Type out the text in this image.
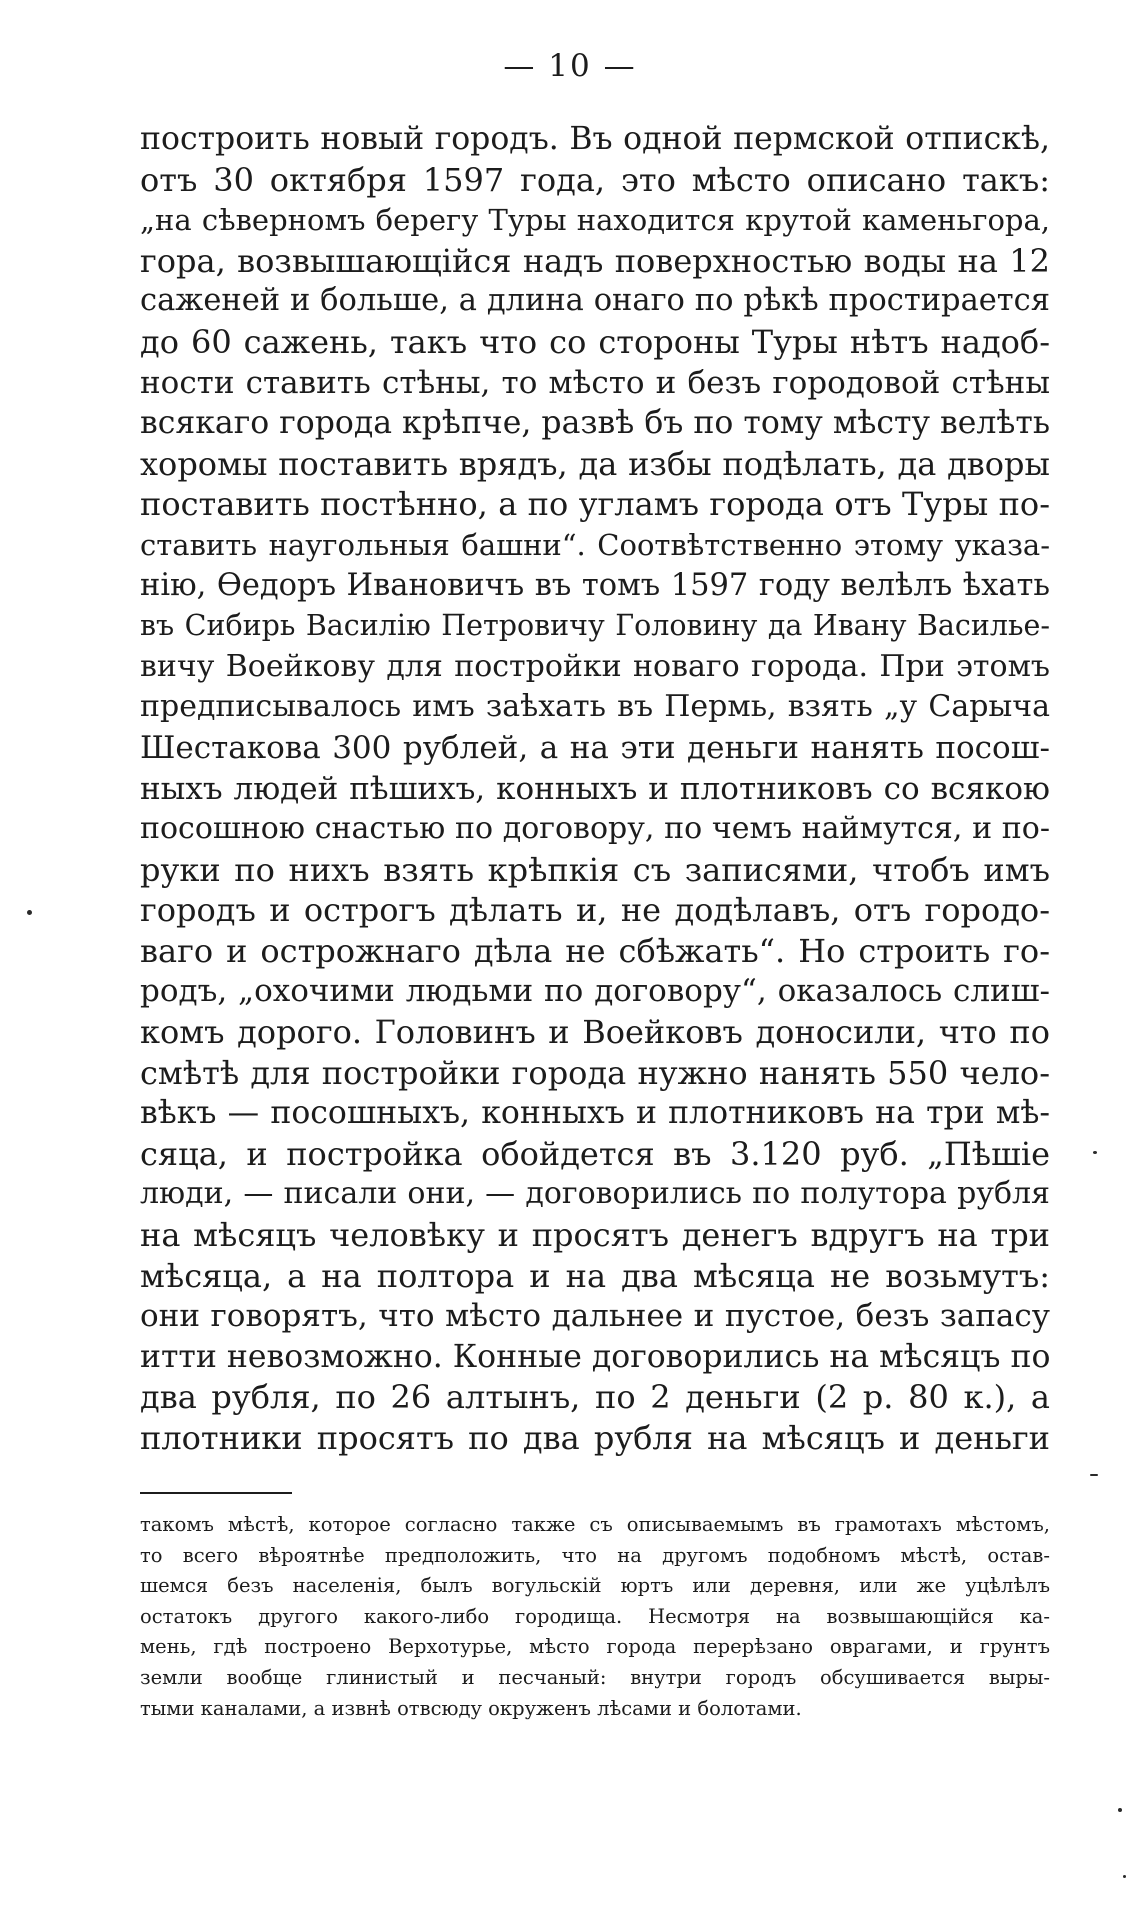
— 10 —
построить новый городъ. Въ одной пермской отпискѣ,
отъ 30 октября 1597 года, это мѣсто описано такъ:
„на сѣверномъ берегу Туры находится крутой каменьгора,
гора, возвышающійся надъ поверхностью воды на 12
саженей и больше, а длина онаго по рѣкѣ простирается
до 60 сажень, такъ что со стороны Туры нѣтъ надоб-
ности ставить стѣны, то мѣсто и безъ городовой стѣны
всякаго города крѣпче, развѣ бъ по тому мѣсту велѣть
хоромы поставить врядъ, да избы подѣлать, да дворы
поставить постѣнно, а по угламъ города отъ Туры по-
ставить наугольныя башни“. Соотвѣтственно этому указа-
нію, Ѳедоръ Ивановичъ въ томъ 1597 году велѣлъ ѣхать
въ Сибирь Василію Петровичу Головину да Ивану Васильe-
вичу Воейкову для постройки новаго города. При этомъ
предписывалось имъ заѣхать въ Пермь, взять „у Сарыча
Шестакова 300 рублей, а на эти деньги нанять посош-
ныхъ людей пѣшихъ, конныхъ и плотниковъ со всякою
посошною снастью по договору, по чемъ наймутся, и по-
руки по нихъ взять крѣпкія съ записями, чтобъ имъ
городъ и острогъ дѣлать и, не додѣлавъ, отъ городо-
ваго и острожнаго дѣла не сбѣжать“. Но строить го-
родъ, „охочими людьми по договору“, оказалось слиш-
комъ дорого. Головинъ и Воейковъ доносили, что по
смѣтѣ для постройки города нужно нанять 550 чело-
вѣкъ — посошныхъ, конныхъ и плотниковъ на три мѣ-
сяца, и постройка обойдется въ 3.120 руб. „Пѣшіе
люди, — писали они, — договорились по полутора рубля
на мѣсяцъ человѣку и просятъ денегъ вдругъ на три
мѣсяца, а на полтора и на два мѣсяца не возьмутъ:
они говорятъ, что мѣсто дальнее и пустое, безъ запасу
итти невозможно. Конные договорились на мѣсяцъ по
два рубля, по 26 алтынъ, по 2 деньги (2 р. 80 к.), а
плотники просятъ по два рубля на мѣсяцъ и деньги
такомъ мѣстѣ, которое согласно также съ описываемымъ въ грамотахъ мѣстомъ,
то всего вѣроятнѣе предположить, что на другомъ подобномъ мѣстѣ, остав-
шемся безъ населенія, былъ вогульскій юртъ или деревня, или же уцѣлѣлъ
остатокъ другого какого-либо городища. Несмотря на возвышающійся ка-
мень, гдѣ построено Верхотурье, мѣсто города перерѣзано оврагами, и грунтъ
земли вообще глинистый и песчаный: внутри городъ обсушивается выры-
тыми каналами, а извнѣ отвсюду окруженъ лѣсами и болотами.
